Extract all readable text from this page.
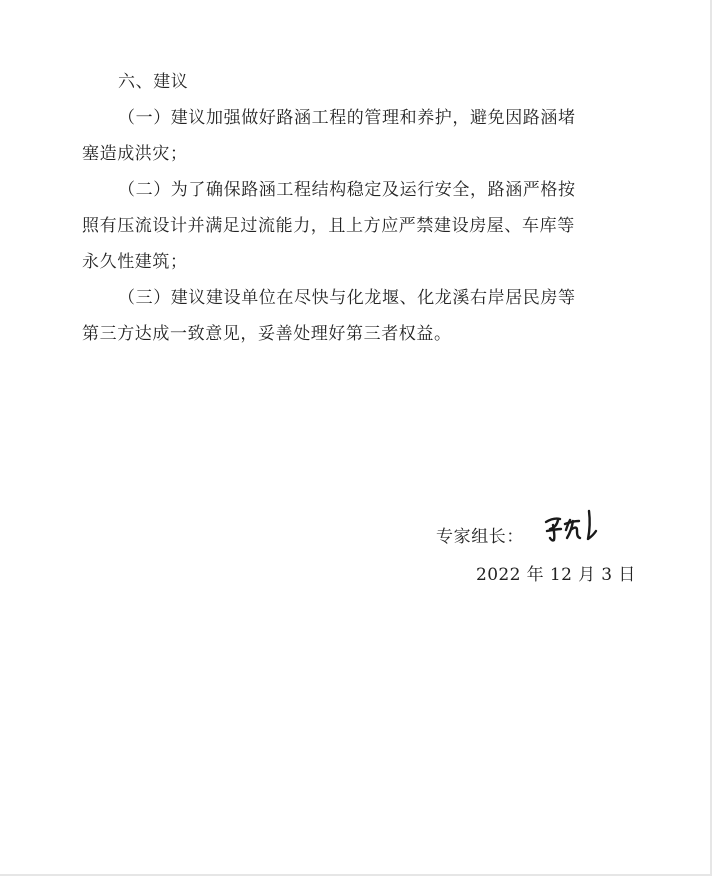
六、建议
（一）建议加强做好路涵工程的管理和养护，避免因路涵堵
塞造成洪灾；
（二）为了确保路涵工程结构稳定及运行安全，路涵严格按
照有压流设计并满足过流能力，且上方应严禁建设房屋、车库等
永久性建筑；
（三）建议建设单位在尽快与化龙堰、化龙溪右岸居民房等
第三方达成一致意见，妥善处理好第三者权益。
专家组长：
2022 年 12 月 3 日
